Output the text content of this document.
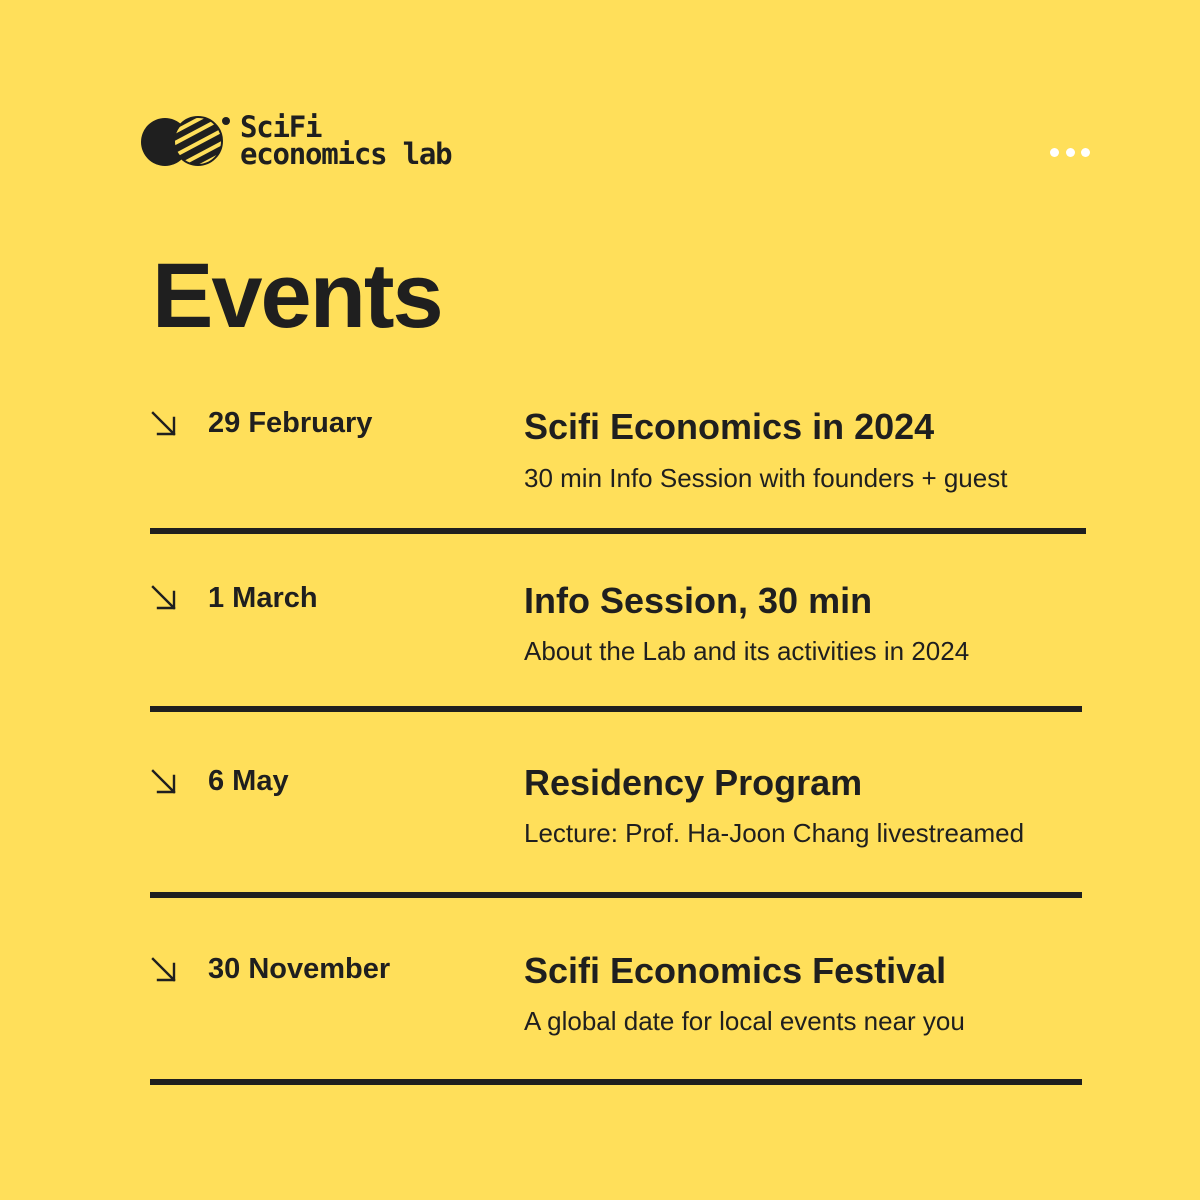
SciFi
economics lab
Events
29 February	Scifi Economics in 2024
30 min Info Session with founders + guest
1 March	Info Session, 30 min
About the Lab and its activities in 2024
6 May	Residency Program
Lecture: Prof. Ha-Joon Chang livestreamed
30 November	Scifi Economics Festival
A global date for local events near you
